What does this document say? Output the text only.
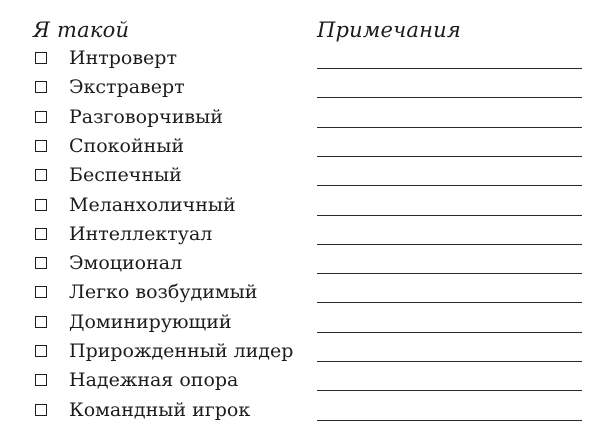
Я такой	Примечания
Интроверт
Экстраверт
Разговорчивый
Спокойный
Беспечный
Меланхоличный
Интеллектуал
Эмоционал
Легко возбудимый
Доминирующий
Прирожденный лидер
Надежная опора
Командный игрок
